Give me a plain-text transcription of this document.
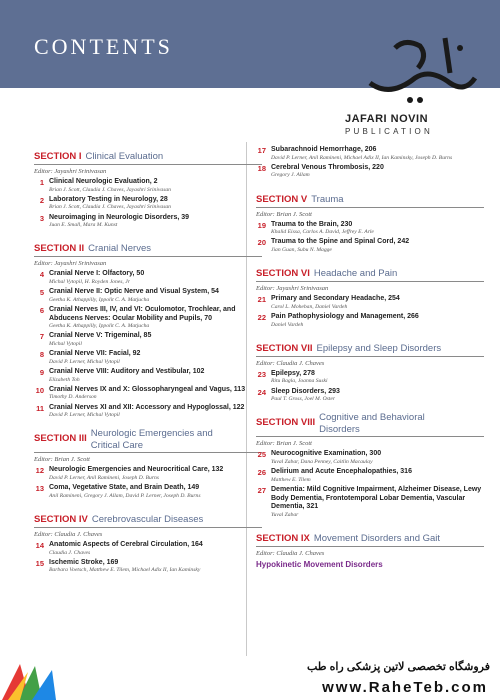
CONTENTS
JAFARI NOVIN
PUBLICATION
SECTION I Clinical Evaluation
Editor: Jayashri Srinivasan
1 Clinical Neurologic Evaluation, 2
Brian J. Scott, Claudia J. Chaves, Jayashri Srinivasan
2 Laboratory Testing in Neurology, 28
Brian J. Scott, Claudia J. Chaves, Jayashri Srinivasan
3 Neuroimaging in Neurologic Disorders, 39
Juan E. Small, Mara M. Kunst
SECTION II Cranial Nerves
Editor: Jayashri Srinivasan
4 Cranial Nerve I: Olfactory, 50
Michal Vytopil, H. Royden Jones, Jr
5 Cranial Nerve II: Optic Nerve and Visual System, 54
Geetha K. Athappilly, Ippolit C. A. Matjucha
6 Cranial Nerves III, IV, and VI: Oculomotor, Trochlear, and Abducens Nerves: Ocular Mobility and Pupils, 70
Geetha K. Athappilly, Ippolit C. A. Matjucha
7 Cranial Nerve V: Trigeminal, 85
Michal Vytopil
8 Cranial Nerve VII: Facial, 92
David P. Lerner, Michal Vytopil
9 Cranial Nerve VIII: Auditory and Vestibular, 102
Elizabeth Toh
10 Cranial Nerves IX and X: Glossopharyngeal and Vagus, 113
Timothy D. Anderson
11 Cranial Nerves XI and XII: Accessory and Hypoglossal, 122
David P. Lerner, Michal Vytopil
SECTION III Neurologic Emergencies and Critical Care
Editor: Brian J. Scott
12 Neurologic Emergencies and Neurocritical Care, 132
David P. Lerner, Anil Ramineni, Joseph D. Burns
13 Coma, Vegetative State, and Brain Death, 149
Anil Ramineni, Gregory J. Allam, David P. Lerner, Joseph D. Burns
SECTION IV Cerebrovascular Diseases
Editor: Claudia J. Chaves
14 Anatomic Aspects of Cerebral Circulation, 164
Claudia J. Chaves
15 Ischemic Stroke, 169
Barbara Voetsch, Matthew E. Tilem, Michael Adix II, Ian Kaminsky
17 Subarachnoid Hemorrhage, 206
David P. Lerner, Anil Ramineni, Michael Adix II, Ian Kaminsky, Joseph D. Burns
18 Cerebral Venous Thrombosis, 220
Gregory J. Allam
SECTION V Trauma
Editor: Brian J. Scott
19 Trauma to the Brain, 230
Khalid Eissa, Carlos A. David, Jeffrey E. Arle
20 Trauma to the Spine and Spinal Cord, 242
Jian Guan, Subu N. Magge
SECTION VI Headache and Pain
Editor: Jayashri Srinivasan
21 Primary and Secondary Headache, 254
Carol L. Moheban, Daniel Vardeh
22 Pain Pathophysiology and Management, 266
Daniel Vardeh
SECTION VII Epilepsy and Sleep Disorders
Editor: Claudia J. Chaves
23 Epilepsy, 278
Ritu Bagla, Joanna Suski
24 Sleep Disorders, 293
Paul T. Gross, Joel M. Oster
SECTION VIII Cognitive and Behavioral Disorders
Editor: Brian J. Scott
25 Neurocognitive Examination, 300
Yuval Zabar, Dana Penney, Caitlin Macaulay
26 Delirium and Acute Encephalopathies, 316
Matthew E. Tilem
27 Dementia: Mild Cognitive Impairment, Alzheimer Disease, Lewy Body Dementia, Frontotemporal Lobar Dementia, Vascular Dementia, 321
Yuval Zabar
SECTION IX Movement Disorders and Gait
Editor: Claudia J. Chaves
Hypokinetic Movement Disorders
فروشگاه تخصصی لاتین پزشکی راه طب
www.RaheTeb.com
